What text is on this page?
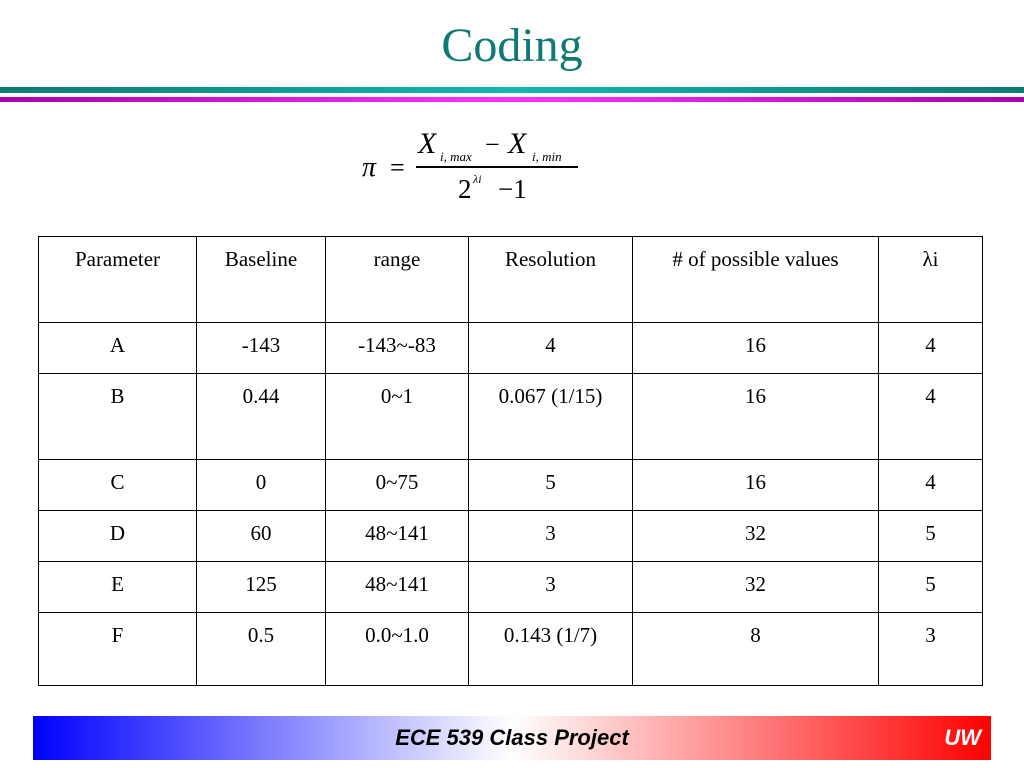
Coding
π =
X i, max − X i, min
2 λi −1
Parameter	Baseline	range	Resolution	# of possible values	λi
A	-143	-143~-83	4	16	4
B	0.44	0~1	0.067 (1/15)	16	4
C	0	0~75	5	16	4
D	60	48~141	3	32	5
E	125	48~141	3	32	5
F	0.5	0.0~1.0	0.143 (1/7)	8	3
ECE 539 Class Project	UW
